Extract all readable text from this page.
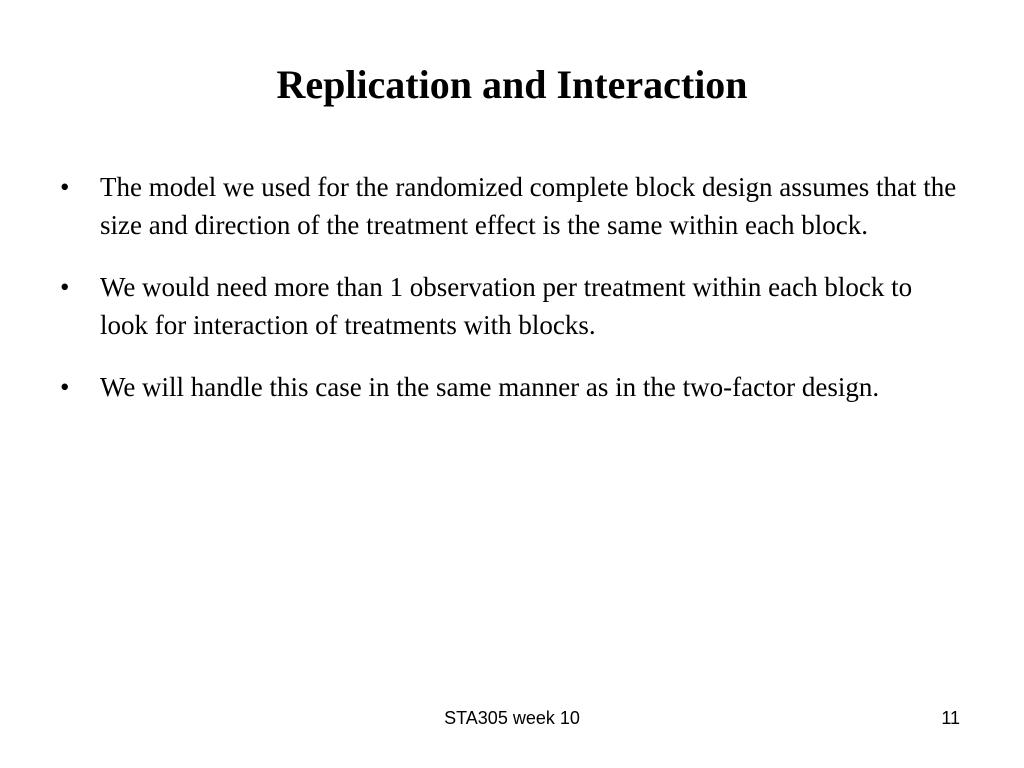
Replication and Interaction
•	The model we used for the randomized complete block design assumes that the size and direction of the treatment effect is the same within each block.
•	We would need more than 1 observation per treatment within each block to look for interaction of treatments with blocks.
•	We will handle this case in the same manner as in the two-factor design.
STA305 week 10	11
